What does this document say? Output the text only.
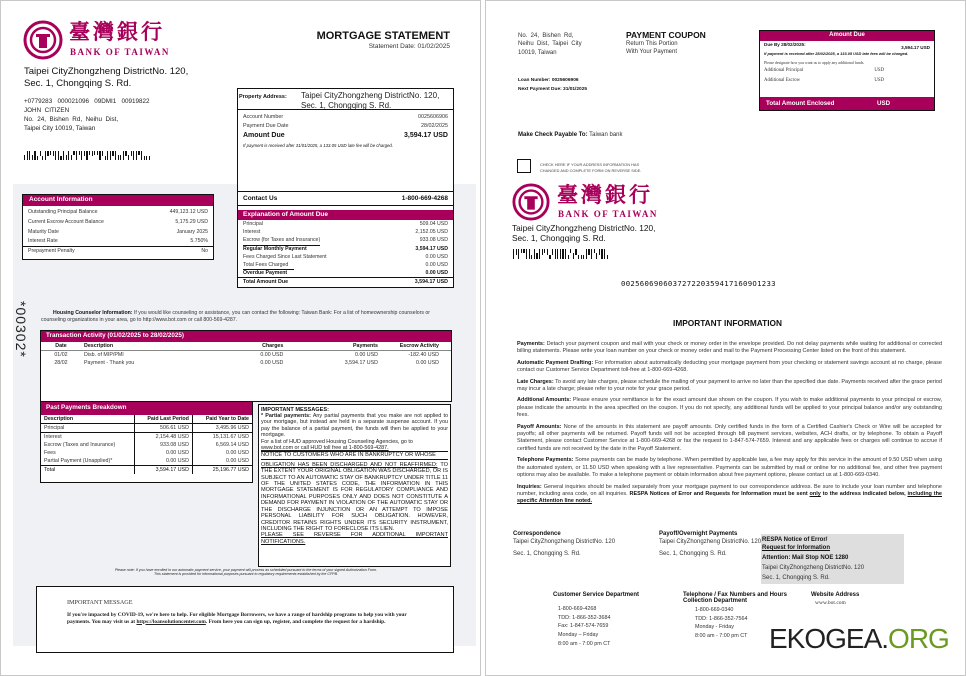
臺灣銀行
BANK OF TAIWAN
MORTGAGE STATEMENT
Statement Date: 01/02/2025
Taipei CityZhongzheng DistrictNo. 120,
Sec. 1, Chongqing S. Rd.
+0779283   000021096   09DMI1   00919822
JOHN  CITIZEN
No.  24,  Bishen  Rd,  Neihu  Dist,
Taipei City 10019, Taiwan
Property Address:	Taipei CityZhongzheng DistrictNo. 120,
Sec. 1, Chongqing S. Rd.
Account Number	0025606906
Payment Due Date	28/02/2025
Amount Due	3,594.17 USD
If payment is received after 31/01/2025, a 133.05 USD late fee will be charged.
Contact Us	1-800-669-4268
Explanation of Amount Due
Principal	509.04 USD
Interest	2,152.05 USD
Escrow (for Taxes and Insurance)	933.08 USD
Regular Monthly Payment	3,594.17 USD
Fees Charged Since Last Statement	0.00 USD
Total Fees Charged	0.00 USD
Overdue Payment	0.00 USD
Total Amount Due	3,594.17 USD
Account Information
Outstanding Principal Balance	449,123.12 USD
Current Escrow Account Balance	5,175.29 USD
Maturity Date	January 2025
Interest Rate	5.750%
Prepayment Penalty	No
*00302*	Housing Counselor Information: If you would like counseling or assistance, you can contact the following: Taiwan Bank: For a list of homeownership counselors or counseling organizations in your area, go to http://www.bot.com or call 800-569-4287.
Transaction Activity (01/02/2025 to 28/02/2025)
Date	Description	Charges	Payments	Escrow Activity
01/02	Disb. of MIP/PMI	0.00 USD	0.00 USD	-182.40 USD
28/02	Payment - Thank you	0.00 USD	3,594.17 USD	0.00 USD
Past Payments Breakdown
Description	Paid Last Period	Paid Year to Date
Principal	506.61 USD	3,495.96 USD
Interest	2,154.48 USD	15,131.67 USD
Escrow (Taxes and Insurance)	933.08 USD	6,569.14 USD
Fees	0.00 USD	0.00 USD
Partial Payment (Unapplied)*	0.00 USD	0.00 USD
Total	3,594.17 USD	25,196.77 USD
IMPORTANT MESSAGES:
* Partial payments: Any partial payments that you make are not applied to your mortgage, but instead are held in a separate suspense account. If you pay the balance of a partial payment, the funds will then be applied to your mortgage.
For a list of HUD approved Housing Counseling Agencies, go to
www.bot.com or call HUD toll free at 1-800-569-4287.
NOTICE TO CUSTOMERS WHO ARE IN BANKRUPTCY OR WHOSE
OBLIGATION HAS BEEN DISCHARGED AND NOT REAFFIRMED: TO THE EXTENT YOUR ORIGINAL OBLIGATION WAS DISCHARGED, OR IS SUBJECT TO AN AUTOMATIC STAY OF BANKRUPTCY UNDER TITLE 11 OF THE UNITED STATES CODE, THE INFORMATION IN THIS MORTGAGE STATEMENT IS FOR REGULATORY COMPLIANCE AND INFORMATIONAL PURPOSES ONLY AND DOES NOT CONSTITUTE A DEMAND FOR PAYMENT IN VIOLATION OF THE AUTOMATIC STAY OR THE DISCHARGE INJUNCTION OR AN ATTEMPT TO IMPOSE PERSONAL LIABILITY FOR SUCH OBLIGATION. HOWEVER, CREDITOR RETAINS RIGHTS UNDER ITS SECURITY INSTRUMENT, INCLUDING THE RIGHT TO FORECLOSE ITS LIEN.
PLEASE SEE REVERSE FOR ADDITIONAL IMPORTANT NOTIFICATIONS.
Please note: If you have enrolled in our automatic payment service, your payment will process as scheduled pursuant to the terms of your signed Authorization Form.
This statement is provided for informational purposes pursuant to regulatory requirements established by the CFPB.
IMPORTANT MESSAGE
If you're impacted by COVID-19, we're here to help. For eligible Mortgage Borrowers, we have a range of hardship programs to help you with your payments. You may visit us at https://loansolutioncenter.com. From here you can sign up, register, and complete the request for a hardship.
No.  24,  Bishen  Rd,
Neihu  Dist,  Taipei  City
10019, Taiwan
PAYMENT COUPON
Return This Portion
With Your Payment
Loan Number: 0025606906
Next Payment Due: 31/01/2025
Amount Due
Due By 28/02/2025:
3,594.17 USD
If payment is received after 28/02/2025, a 133.05 USD late fees will be charged.
Please designate how you want us to apply any additional funds.
Additional Principal	USD
Additional Escrow	USD
Total Amount Enclosed	USD
Make Check Payable To: Taiwan bank
CHECK HERE IF YOUR ADDRESS INFORMATION HAS
CHANGED AND COMPLETE FORM ON REVERSE SIDE.
臺灣銀行
BANK OF TAIWAN
Taipei CityZhongzheng DistrictNo. 120,
Sec. 1, Chongqing S. Rd.
0025606906037272203594171609O1233
IMPORTANT INFORMATION
Payments: Detach your payment coupon and mail with your check or money order in the envelope provided. Do not delay payments while waiting for additional or corrected billing statements. Please write your loan number on your check or money order and mail to the Payment Processing Center listed on the front of this statement.
Automatic Payment Drafting: For information about automatically deducting your mortgage payment from your checking or statement savings account at no charge, please contact our Customer Service Department toll-free at 1-800-669-4268.
Late Charges: To avoid any late charges, please schedule the mailing of your payment to arrive no later than the specified due date. Payments received after the grace period may incur a late charge; please refer to your note for your grace period.
Additional Amounts: Please ensure your remittance is for the exact amount due shown on the coupon. If you wish to make additional payments to your principal or escrow, please indicate the amounts in the area specified on the coupon. If you do not specify, any additional funds will be applied to your principal balance and/or any outstanding fees.
Payoff Amounts: None of the amounts in this statement are payoff amounts. Only certified funds in the form of a Certified Cashier's Check or Wire will be accepted for payoffs; all other payments will be returned. Payoff funds will not be accepted through bill payment services, websites, ACH drafts, or by telephone. To obtain a Payoff Statement, please contact Customer Service at 1-800-669-4268 or fax the request to 1-847-574-7659. Interest and any applicable fees or charges will continue to accrue if certified funds are not received by the date in the Payoff Statement.
Telephone Payments: Some payments can be made by telephone. When permitted by applicable law, a fee may apply for this service in the amount of 9.50 USD when using the automated system, or 11.50 USD when speaking with a live representative. Payments can be submitted by mail or online for no additional fee, and other free payment options may also be available. To make a telephone payment or obtain information about free payment options, please contact us at 1-800-669-0340.
Inquiries: General inquiries should be mailed separately from your mortgage payment to our correspondence address. Be sure to include your loan number and telephone number, including area code, on all inquiries. RESPA Notices of Error and Requests for Information must be sent only to the address indicated below, including the specific Attention line noted.
Correspondence
Taipei CityZhongzheng DistrictNo. 120
Sec. 1, Chongqing S. Rd.
Payoff/Overnight Payments
Taipei CityZhongzheng DistrictNo. 120
Sec. 1, Chongqing S. Rd.
RESPA Notice of Error/
Request for Information
Attention: Mail Stop NOE 1280
Taipei CityZhongzheng DistrictNo. 120
Sec. 1, Chongqing S. Rd.
Customer Service Department
1-800-669-4268
TDD: 1-866-352-3684
Fax: 1-847-574-7659
Monday – Friday
8:00 am - 7:00 pm CT
Telephone / Fax Numbers and Hours
Collection Department
1-800-669-0340
TDD: 1-866-352-7564
Monday - Friday
8:00 am - 7:00 pm CT
Website Address
www.bot.com
EKOGEA.ORG
